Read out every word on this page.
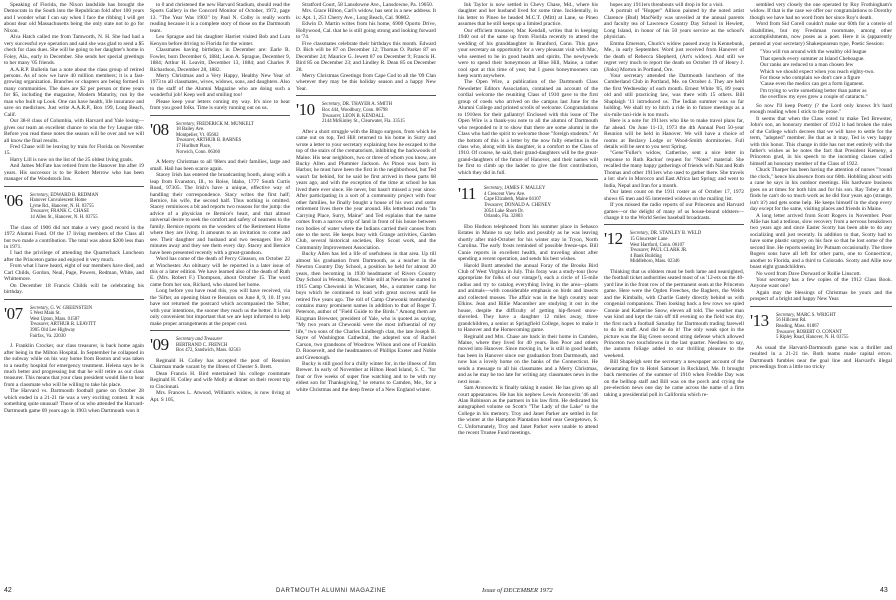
Speaking of Florida, the Nixon landslide has brought the Democrats in the South into the Republican fold after 100 years and I wonder what I can say when I face the ribbing I will get about dear old Massachusetts being the only state not to go for Nixon.

Alva Hatch called me from Tamworth, N. H. She had had a very successful eye operation and said she was glad to send a $5 check for class dues. She will be going to her daughter's home in Foley, Ala., early in December. She sends her special greetings to her many '05 friends.

A.A.R.P. Bulletin has a note about the class group of retired persons. As of now we have 40 million members; it is a fast-growing organization. Branches or chapters are being formed in many communities. The dues are $2 per person or three years for $5, including the magazine, Modern Maturity, run by the man who built up Look. One can have health, life insurance and save on medicines. Just write A.A.R.P., Box 199, Long Beach, Calif.

Our 38-8 class of Columbia, with Harvard and Yale losing—gives our team an excellent chance to win the Ivy League title. Before you read these notes the season will be over and we will all know the final results.

Fred Chase will be leaving by train for Florida on November 15.

Harry Lill is now on the list of the 25 oldest living grads.

And James McFate has retired from the Hanover Inn after 19 years. His successor is to be Robert Merrow who has been manager of the Woodstock Inn.

'06	Secretary, EDWARD B. REDMAN
Hanover Convalescent Home
Lyme Rd., Hanover, N. H. 03755
Treasurer, FRANK C. CHASE
14 Allen St., Hanover, N. H. 03755

The class of 1906 did not make a very good record in the 1972 Alumni Fund. Of the 17 living members of the Class all but two made a contribution. The total was about $200 less than in 1971.

I had the privilege of attending the Quarterback Luncheon after the Princeton game and enjoyed it very much.

From what I have heard, eight of our members have died, and Carl Childs, Gordon, Neal, Page, Powers, Redman, White, and Whittemore.

On December 18 Francis Childs will be celebrating his birthday.

'07	Secretary, G. W. GREENSTEIN
5 West Main St.
West Upton, Mass. 01587
Treasurer, ARTHUR R. LEAVITT
3905 Old Lee Highway
Fairfax, Va. 22030

J. Franklin Crocker, our class treasurer, is back home again after being in the Milton Hospital. In September he collapsed in the subway while on his way home from Boston and was taken to a nearby hospital for emergency treatment. Helena says he is much better and progressing but that he will retire as our class treasurer. This means that your class president would like to hear from a classmate who will be willing to take his place.

The Harvard vs. Dartmouth football game on October 28 which ended in a 21-21 tie was a very exciting contest. It was something quite unusual! Those of us who attended the Harvard-Dartmouth game 69 years ago in 1903 when Dartmouth won it

to 0 and christened the new Harvard Stadium, should read the Sports Gallery in the Concord Monitor of October, 1972, page 13. "The Year Was 1903" by Paul N. Colby is really worth reading because it is a complete story of those on the Dartmouth team.

Leo Sprague and his daughter Harriet visited Bob and Lura Kenyon before driving to Florida for the winter.

Classmates having birthdays in December are: Earle R. Fowler, born December 6, 1884; Leon A. Sprague, December 9, 1884; Arthur H. Leavitt, December 13, 1884; and Charles P. Richardson, December 28, 1882.

Merry Christmas and a Very Happy, Healthy New Year of 1973 to all classmates, wives, widows, sons, and daughters. Also to the staff of the Alumni Magazine who are doing such a wonderful job! Keep well and smiling too!

Please keep your letters coming my way. It's nice to hear from you good folks. Time is surely running out on us.

'08	Secretary, FREDERICK M. MUNKELT
18 Bailey Ave.
Montpelier, Vt. 05602
Treasurer, ARTHUR B. BARNES
17 Hurlbutt Place,
Norwich, Conn. 06360

A Merry Christmas to all '08ers and their families, large and small. Hail has been scarce again.

Stacey Irish has entered the broadcasting booth, along with a leap from Evanston, Ill., to Boise, Idaho, 1777 South Curtis Road, 97305. The Irish's have a unique, effective way of handling their correspondence. Stacy writes the first half; Bernice, his wife, the second half. Thus nothing is omitted. Stacey reminisces a bit and reports two reasons for the jump: the advice of a physician re Bernice's heart, and that almost universal desire to seek the comfort and safety of nearness to the family. Bernice reports on the wonders of the Retirement Home where they are living. It amounts to an invitation to come and see. Their daughter and husband and two teenagers live 20 minutes away and they see them every day. Stacey and Bernice have been presented recently with a great-grandson.

Word has come of the death of Percy Gleason, on October 22 at Winchester. An obituary will be reported in a later issue of this or a later edition. We have learned also of the death of Ruth E. (Mrs. Robert F.) Thompson, about October 15. The word came from her son, Richard, who shared her home.

Long before you have read this, you will have received, via the 'Sifter, an opening blast re Reunion on June 8, 9, 10. If you have not returned the postcard which accompanied the 'Sifter, with your intentions, the sooner they reach us the better. It is not only convenient but important that we are kept informed to help make proper arrangements at the proper cost.

'09	Secretary and Treasurer
BERTRAND C. FRENCH
Box 472, Sandwich, Mass. 02563

Reginald H. Colley has accepted the post of Reunion Chairman made vacant by the illness of Chester S. Brett.

Dean Francis H. Bird entertained his college roommate Reginald H. Colley and wife Molly at dinner on their recent trip to Cincinnati.

Mrs. Frances L. Atwood, William's widow, is now living at Apt. S 105,

Stratford Court, 58 Lansdowne Ave., Lansdowne, Pa. 19050.

Mrs. Grace Hilton, Carl's widow, has sent in a new address. It is: Apt. 1, 251 Cherry Ave., Long Beach, Cal. 90802.

Edwin D. Martin writes from his home, 6900 Oporto Drive, Hollywood, Cal. that he is still going strong and looking forward to '74.

Five classmates celebrate their birthdays this month. Edward D. Bich will be 87 on December 12; Thomas O. Parker 87 on December 24; Maurice G. Jewett 87 on December 9; Francis H. Bird 85 on December 23; and Lindley R. Dean 85 on December 28.

Merry Christmas Greetings from Cape Cod to all the '09 Clan wherever they may be this holiday season and a happy New Year.

'10	Secretary, DR. THAYER A. SMITH
Box 444, Woodbury, Conn. 06798
Treasurer, LEON B. KENDALL
2144 McKinley St., Clearwater, Fla. 33515

After a short struggle with the Bingo surgeon, from which he came out on top, Ted Hill returned to his home in Surry and wrote a letter to your secretary explaining how he escaped to the top of the stairs of the crematorium, inhibiting the backwoods of Maine. His near neighbors, two or three of whom you know, are Bucky Allen and Plummer Jackson. As Pinoo was born in Harbor, he must have been the first in the neighborhood, but Ted wasn't far behind, for he said he first arrived in these parts 68 years ago, and with the exception of the time at school he has lived there ever since. He never, but hasn't missed a year since. After participating in a sort of a community project with four other families, he finally bought a house of his own and some retirement lives there the year around. His letterhead reads "In Carrying Place, Surry, Maine" and Ted explains that the name comes from a narrow strip of land in front of his house between two bodies of water where the Indians carried their canoes from one to the next. He keeps busy with Grange activities, Garden Club, several historical societies, Boy Scout work, and the Community Improvement Association.

Bucky Allen has led a life of usefulness in that area. Up till almost his graduation from Dartmouth, as a teacher in the Newton Country Day School, a position he held for almost 20 years, then becoming in 1930 headmaster of Rivers Country Day School in Weston, Mass. While still at Newton he started in 1915 Camp Chewonki in Wiscasset, Me., a summer camp for boys which he continued to lead with great success until he retired five years ago. The roll of Camp Chewonki membership contains many prominent names in addition to that of Roger T. Peterson, author of "Field Guide to the Birds." Among them are Kingman Brewster, president of Yale, who is quoted as saying, "My two years at Chewonki were the most influential of my life," two sons of the Charles Lindbergh clan, the late Joseph B. Sayre of Washington Cathedral, the adopted son of Rachel Carson, two grandsons of Woodrow Wilson and one of Franklin D. Roosevelt, and the headmasters of Phillips Exeter and Noble and Greenough.

Bucky is still good for a chilly winter for, in the illness of Jim Brewer. In early of November at Hilton Head Island, S. C. "for four or five weeks of super fine watching and to be with my eldest son for Thanksgiving," he returns to Camden, Me., for a white Christmas and the deep freeze of a New England winter.

Ink Taylor is now settled in Chevy Chase, Md., where his daughter and her husband lived for some time. Incidentally, in his letter to Pineo he headed M.C.T. (Mitt) at Lane, so Pineo assumes that he still keeps up a limited practice.

Our efficient treasurer, Mac Kendall, writes that in keeping 1940 out of the same up from Florida recently to attend the wedding of his granddaughter in Branford, Conn. This gave your secretary an opportunity for a very pleasant visit with Mac, who seemed to be in good health and spirits. The newlyweds were to spend their honeymoon at Blue Hill, Maine, a rather cool spot at this time of year, but I guess honeymooners can keep warm anywhere.

The Open Wire, a publication of the Dartmouth Class Newsletter Editors Association, contained an account of the cordial welcome the reuniting Class of 1910 gave to the first group of coeds who arrived on the campus last June for the Alumni College and printed scrolls of welcome. Congratulations to 1910ers for their gallantry! Enclosed with this issue of The Open Wire is a thank-you note to all the alumni of Dartmouth who responded to it to show that there are some alumni in the Class who had the spirit to welcome those "foreign students." At the bottom of this is a letter by the now fully emeritus in the class who, along with his daughter, is a comfort to the Class of 1910. Of course, he said, their grand-daughters will be the great-grand-daughters of the future of Hanover, and their names will be first to climb up the ladder to give the first contribution, which they did in full.

'11	Secretary, JAMES F. MALLEY
4 Crescent View Ave.
Cape Elizabeth, Maine 04107
Treasurer, DONALD A. CHENEY
3054 Lake Shore Dr.
Orlando, Fla. 32803

Ebo Hodson telephoned from his summer place in Sebasco Estates in Maine to say hello and possibly as he was leaving shortly after mid-October for his winter stay in Tryon, North Carolina. The early frosts reminded of possible freeze-ups. Bill Cunie reports in excellent health, and traveling about after spending a recent operation, and sends his best wishes.

Harold Burtt attended the annual Foray of the Brooks Bird Club of West Virginia in July. This foray was a study-tour (how appropriate for folks of our vintage!), each a circle of 15-mile radius and try to catalog everything living in the area—plants and animals—with considerable emphasis on birds and insects and collected mosses. The affair was in the high country near Elkins. Jean and Billie Macomber are studying it out in the house, despite the difficulty of getting hip-flexed snow-shoveled. They have a daughter 12 miles away, three grandchildren, a senior at Springfield College, hopes to make it to Hanover and the Homecoming game.

Reginald and Mrs. Chase are back in their home in Camden, Maine, where they lived for 40 years. Ben Poor and others moved into Hanover. Since moving in, he is still in good health, has been in Hanover since our graduation from Dartmouth, and now has a lovely home on the banks of the Connecticut. He sends a message to all his classmates and a Merry Christmas, and as he may be too late for writing any classmates news in the next issue.

Sam Aronowitz is finally taking it easier. He has given up all court appearances. He has his nephew Lewis Aronowitz '46 and Alan Robinson as the partners in his law firm. He dedicated his autographed volume on Scott's "The Lady of the Lake" to the College in his memory. Troy and Janet Parker are settled in for the winter at the Hampton Plantation hotel near Georgetown, S. C. Unfortunately, Troy and Janet Parker were unable to attend the recent Trustee Fund meetings.

hopes any 1911ers threabouts will drop in for a visit.

A portrait of "Hopper" Allison painted by the noted artist Clarence (Bud) MacNelly was unveiled at the annual parents and faculty tea of Lawrence Country Day School in Hewlett, Long Island, in honor of his 50 years service as the school's physician.

Emma Emerson, Chuck's widow passed away in Kennebunk, Me., in early September. Word just received from Hanover of the death of Rebecca Shepherd, (Art's widow). And still we regret very much to report the death on October 19 of Henry J. (Jinks) Morton in Portland, Ore.

Your secretary attended the Dartmouth luncheon of the Cumberland Club in Portland, Me. on October 4. They are held the first Wednesday of each month. Ernest White '05, 89 years old and still practicing law, was there with 15 others. Bill Shaplaigh '11 introduced us. The Indian summer was so far holding. We shall try to hitch a ride in to future meetings as a six-mile taxi-ride is too much.

Here is a note for 1911ers who like to make travel plans far, far ahead. On June 11-13, 1973 the 4th Annual Post 50-year Reunion will be held in Hanover. We will have a choice of rooms at Bezlavy Lodge or Wood-Smith dormitories. Full details will be sent to you next Spring.

"Gene"Fuller's widow, Catherine, sent a nice letter in response to Ruth Rackus' request for "Notes" material. She recalled the many happy gatherings of friends with Nat and Ruth Thomas and other 1911ers who used to gather there. She travels a lot: she's in Morocco and East Africa last Spring; and went to India, Nepal and Iran for a month.

Our latest count on the 1911 roster as of October 17, 1972 shows 65 men and 65 interested widows on the mailing list.

If you missed the radio reports of our Princeton and Harvard games—or the delight of many of us house-bound oldsters—change it to the World Series baseball broadcasts.

'12	Secretary, DR. STANLEY B. WELD
15 Gloucester Lane
West Hartford, Conn. 06107
Treasurer, PAUL CLARK JR.
4 Bank Building
Middleboro, Mass. 02346

Thinking that us oldsters must be both lame and nearsighted, the football ticket authorities seated most of us '12-ers on the 40-yard line in the front row of the permanent seats at the Princeton game. Here were the Ogden Freeches, the Baghers, the Welds and the Kimballs, with Charlie Gately directly behind us with congenial companions. Then looking back a few rows we spied Connie and Katherine Snow, eleven all told. The weather man was kind and kept the rain off till evening so the field was dry, the first such a football Saturday for Dartmouth trading farewell to do its stuff. And did he do it! The only weak spot in the picture was the Big Green second string defense which allowed Princeton two touchdowns in the last quarter. Needless to say, the autumn foliage added to our thrilling pleasure to the weekend.

Bill Shapleigh sent the secretary a newspaper account of the devastating fire to Hotel Samoset in Rockland, Me. It brought back memories of the summer of 1910 when Freddie Day was on the bellhop staff and Bill was on the porch and crying the pre-election news one day he came across the name of a firm taking a presidential poll in California which re-

sembled very closely the one operated by Roy Frothingham's widow. If that is the case we offer our congratulations to Dorothy though we have had no word from her since Roy's death.

Word from Sid Corell couldn't make our 60th for a coterie of disabilities, but my Freshman roommate, among other accomplishments, now poses as a poet. Here it is (apparently penned at your secretary) Shakespearean type, Poetic Session:

"You will run around with the wealthy old league

That spends every summer at Island Cheboague.

Our ranks are reduced to a man chosen few

Which we should expect when you reach eighty-two.

For those who complain we don't care a figure

'Cause even the medics can get a form ligament.

I'm trying to write something better than patter as

the overflow my eyes grew a couple of cataracts."

So now I'll keep Poetry (? the Lord only knows It's hard enough reading when I stick to the prose."

It seems that when the Class voted to make Ted Brewster, John's son, an honorary member of 1912 it had broken the rules of the College which decrees that we will have to settle for the term, "adopted" member. Be that as it may, Ted is very happy with this honor. This change in title has not met entirely with the father's wishes as he notes the fact that President Kemeny, a Princeton grad, in his speech to the incoming classes called himself an honorary member of the Class of 1922.

Chuck Tharper has been having the attention of nurses "'round the clock," hence his absence from our 60th. Hobbling about with a cane he says in his outdoor meetings. His hardware business goes on at times for both him and for his son. Ray Tobey at 84 finds he can't do so much work as he did four years ago (strange, isn't it?) and gets some help. He keeps himself in the shop every day except for the same, visiting places and friends in Maine.

A long letter arrived from Scott Rogers in November. Poor Allie has had a tedious, slow recovery from a nervous breakdown two years ago and since Easter Scotty has been able to do any socializing until just recently. In addition to that, Scotty had to have some plastic surgery on his face so that he lost some of the second line. He reports seeing Irv Putnam occasionally. The three Rogers sons have all left for other parts, one to Connecticut, another to Florida, and a third to Colorado. Scotty and Allie now boast eight grandchildren.

No word from Dave Dorward or Rollie Linscott.

Your secretary has a few copies of the 1912 Class Book. Anyone want one?

Again may the blessings of Christmas be yours and the prospect of a bright and happy New Year.

'13	Secretary, MARC S. WRIGHT
56 Hillcrest Rd.
Reading, Mass. 01867
Treasurer, ROBERT O. CONANT
5 Ripley Road, Hanover, N. H. 03755

As usual the Harvard-Dartmouth game was a thriller and resulted in a 21-21 tie. Both teams made capital errors. Dartmouth fumbles near the goal line and Harvard's illegal proceedings from a little too tricky

42	DARTMOUTH ALUMNI MAGAZINE	Issue of DECEMBER 1972	43
